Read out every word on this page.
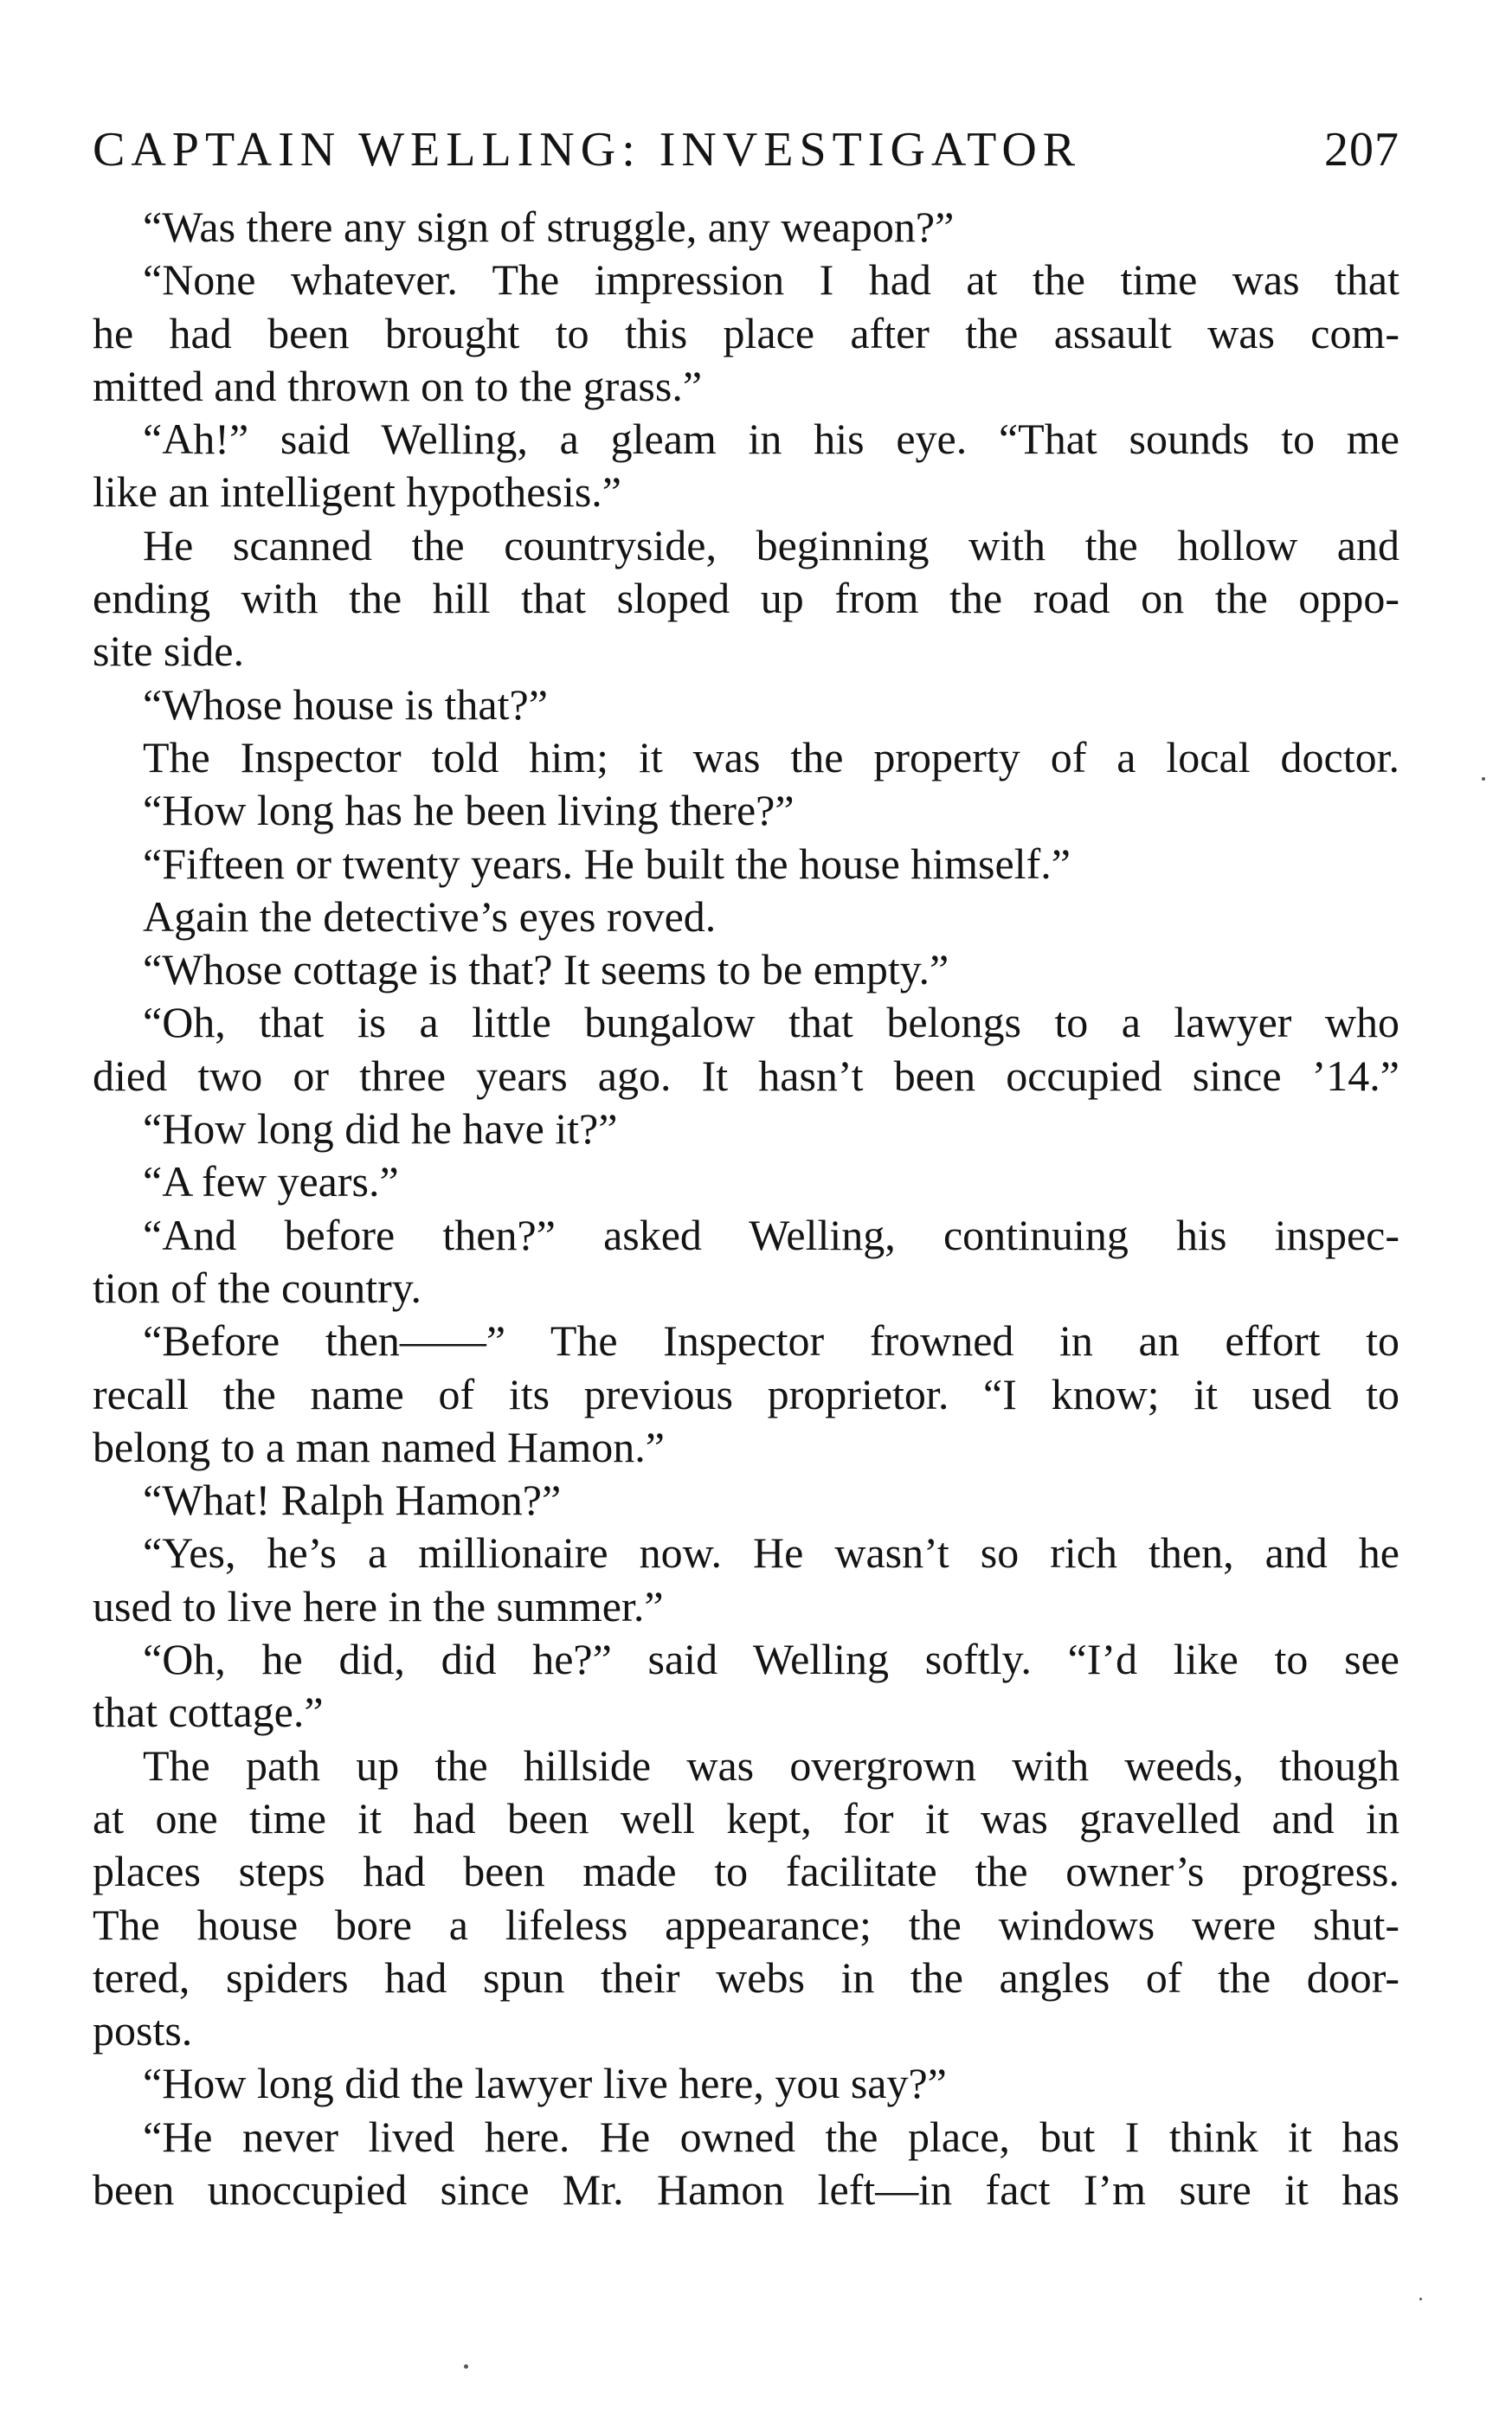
CAPTAIN WELLING: INVESTIGATOR	207
“Was there any sign of struggle, any weapon?”
“None whatever. The impression I had at the time was that
he had been brought to this place after the assault was com-
mitted and thrown on to the grass.”
“Ah!” said Welling, a gleam in his eye. “That sounds to me
like an intelligent hypothesis.”
He scanned the countryside, beginning with the hollow and
ending with the hill that sloped up from the road on the oppo-
site side.
“Whose house is that?”
The Inspector told him; it was the property of a local doctor.
“How long has he been living there?”
“Fifteen or twenty years. He built the house himself.”
Again the detective’s eyes roved.
“Whose cottage is that? It seems to be empty.”
“Oh, that is a little bungalow that belongs to a lawyer who
died two or three years ago. It hasn’t been occupied since ’14.”
“How long did he have it?”
“A few years.”
“And before then?” asked Welling, continuing his inspec-
tion of the country.
“Before then——” The Inspector frowned in an effort to
recall the name of its previous proprietor. “I know; it used to
belong to a man named Hamon.”
“What! Ralph Hamon?”
“Yes, he’s a millionaire now. He wasn’t so rich then, and he
used to live here in the summer.”
“Oh, he did, did he?” said Welling softly. “I’d like to see
that cottage.”
The path up the hillside was overgrown with weeds, though
at one time it had been well kept, for it was gravelled and in
places steps had been made to facilitate the owner’s progress.
The house bore a lifeless appearance; the windows were shut-
tered, spiders had spun their webs in the angles of the door-
posts.
“How long did the lawyer live here, you say?”
“He never lived here. He owned the place, but I think it has
been unoccupied since Mr. Hamon left—in fact I’m sure it has
